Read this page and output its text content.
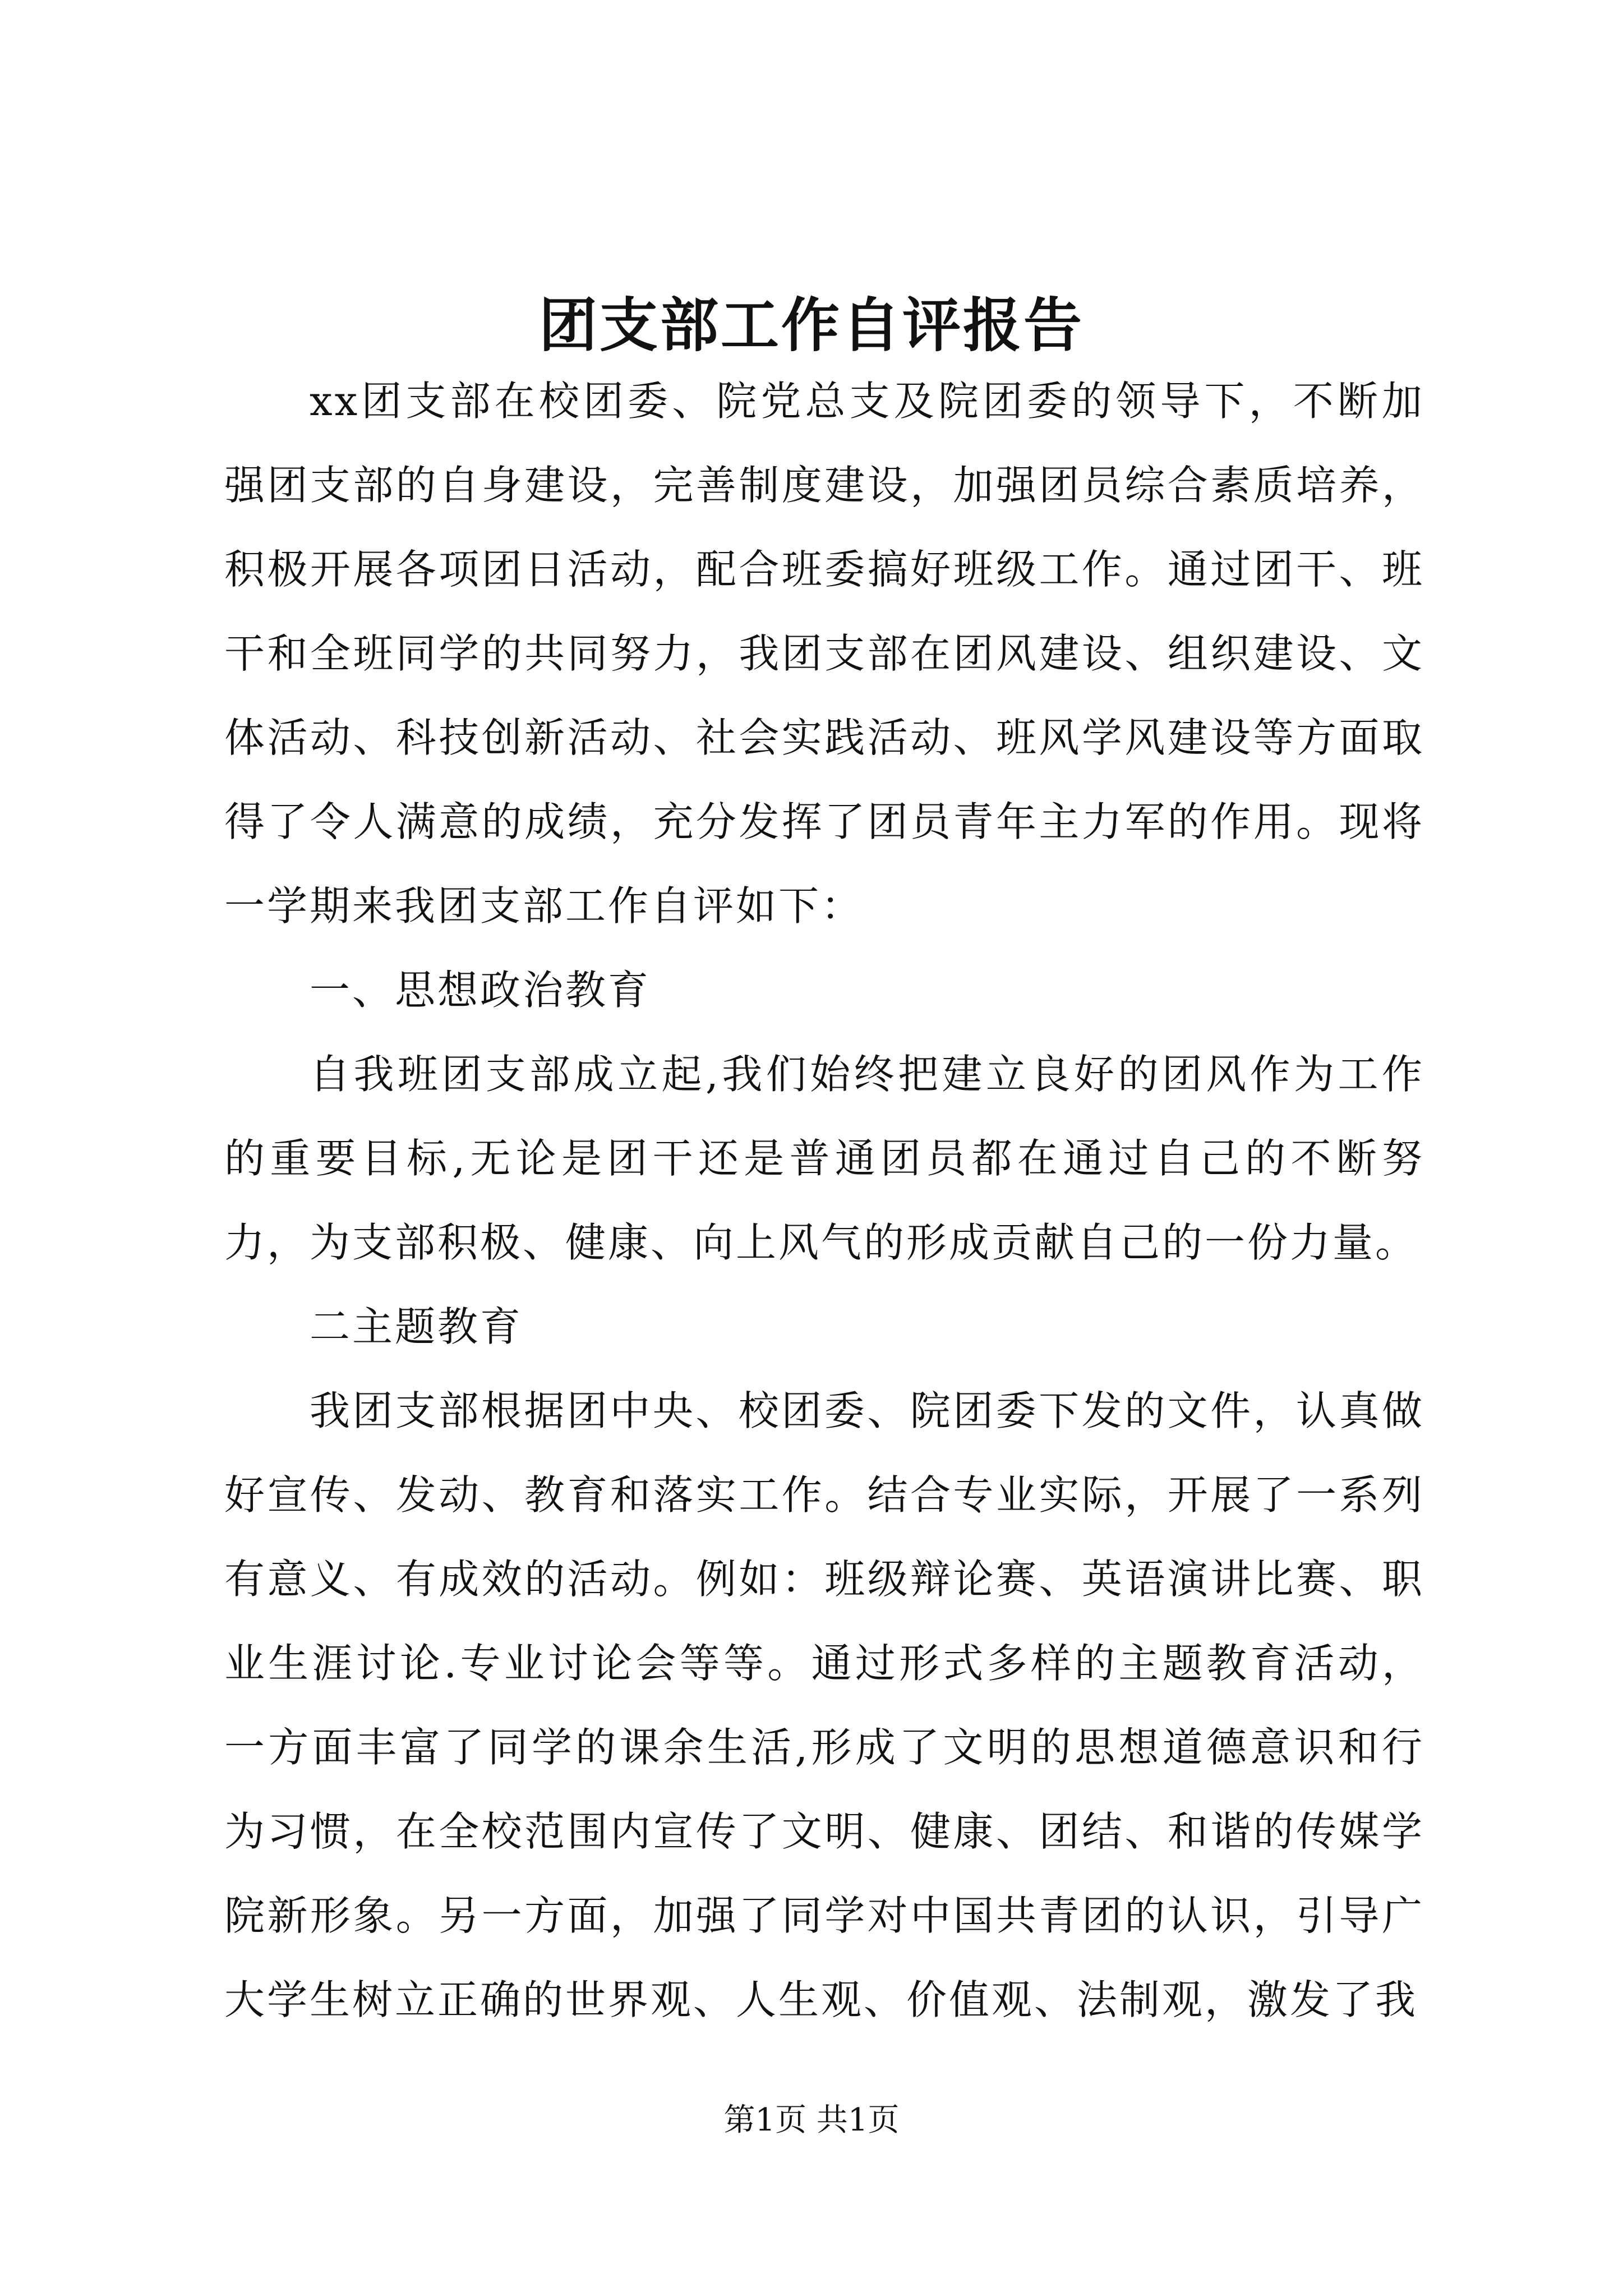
团支部工作自评报告

xx团支部在校团委、院党总支及院团委的领导下，不断加强团支部的自身建设，完善制度建设，加强团员综合素质培养，积极开展各项团日活动，配合班委搞好班级工作。通过团干、班干和全班同学的共同努力，我团支部在团风建设、组织建设、文体活动、科技创新活动、社会实践活动、班风学风建设等方面取得了令人满意的成绩，充分发挥了团员青年主力军的作用。现将一学期来我团支部工作自评如下：

一、思想政治教育

自我班团支部成立起,我们始终把建立良好的团风作为工作的重要目标,无论是团干还是普通团员都在通过自己的不断努力，为支部积极、健康、向上风气的形成贡献自己的一份力量。

二主题教育

我团支部根据团中央、校团委、院团委下发的文件，认真做好宣传、发动、教育和落实工作。结合专业实际，开展了一系列有意义、有成效的活动。例如：班级辩论赛、英语演讲比赛、职业生涯讨论.专业讨论会等等。通过形式多样的主题教育活动，一方面丰富了同学的课余生活,形成了文明的思想道德意识和行为习惯，在全校范围内宣传了文明、健康、团结、和谐的传媒学院新形象。另一方面，加强了同学对中国共青团的认识，引导广大学生树立正确的世界观、人生观、价值观、法制观，激发了我

第1页 共1页
